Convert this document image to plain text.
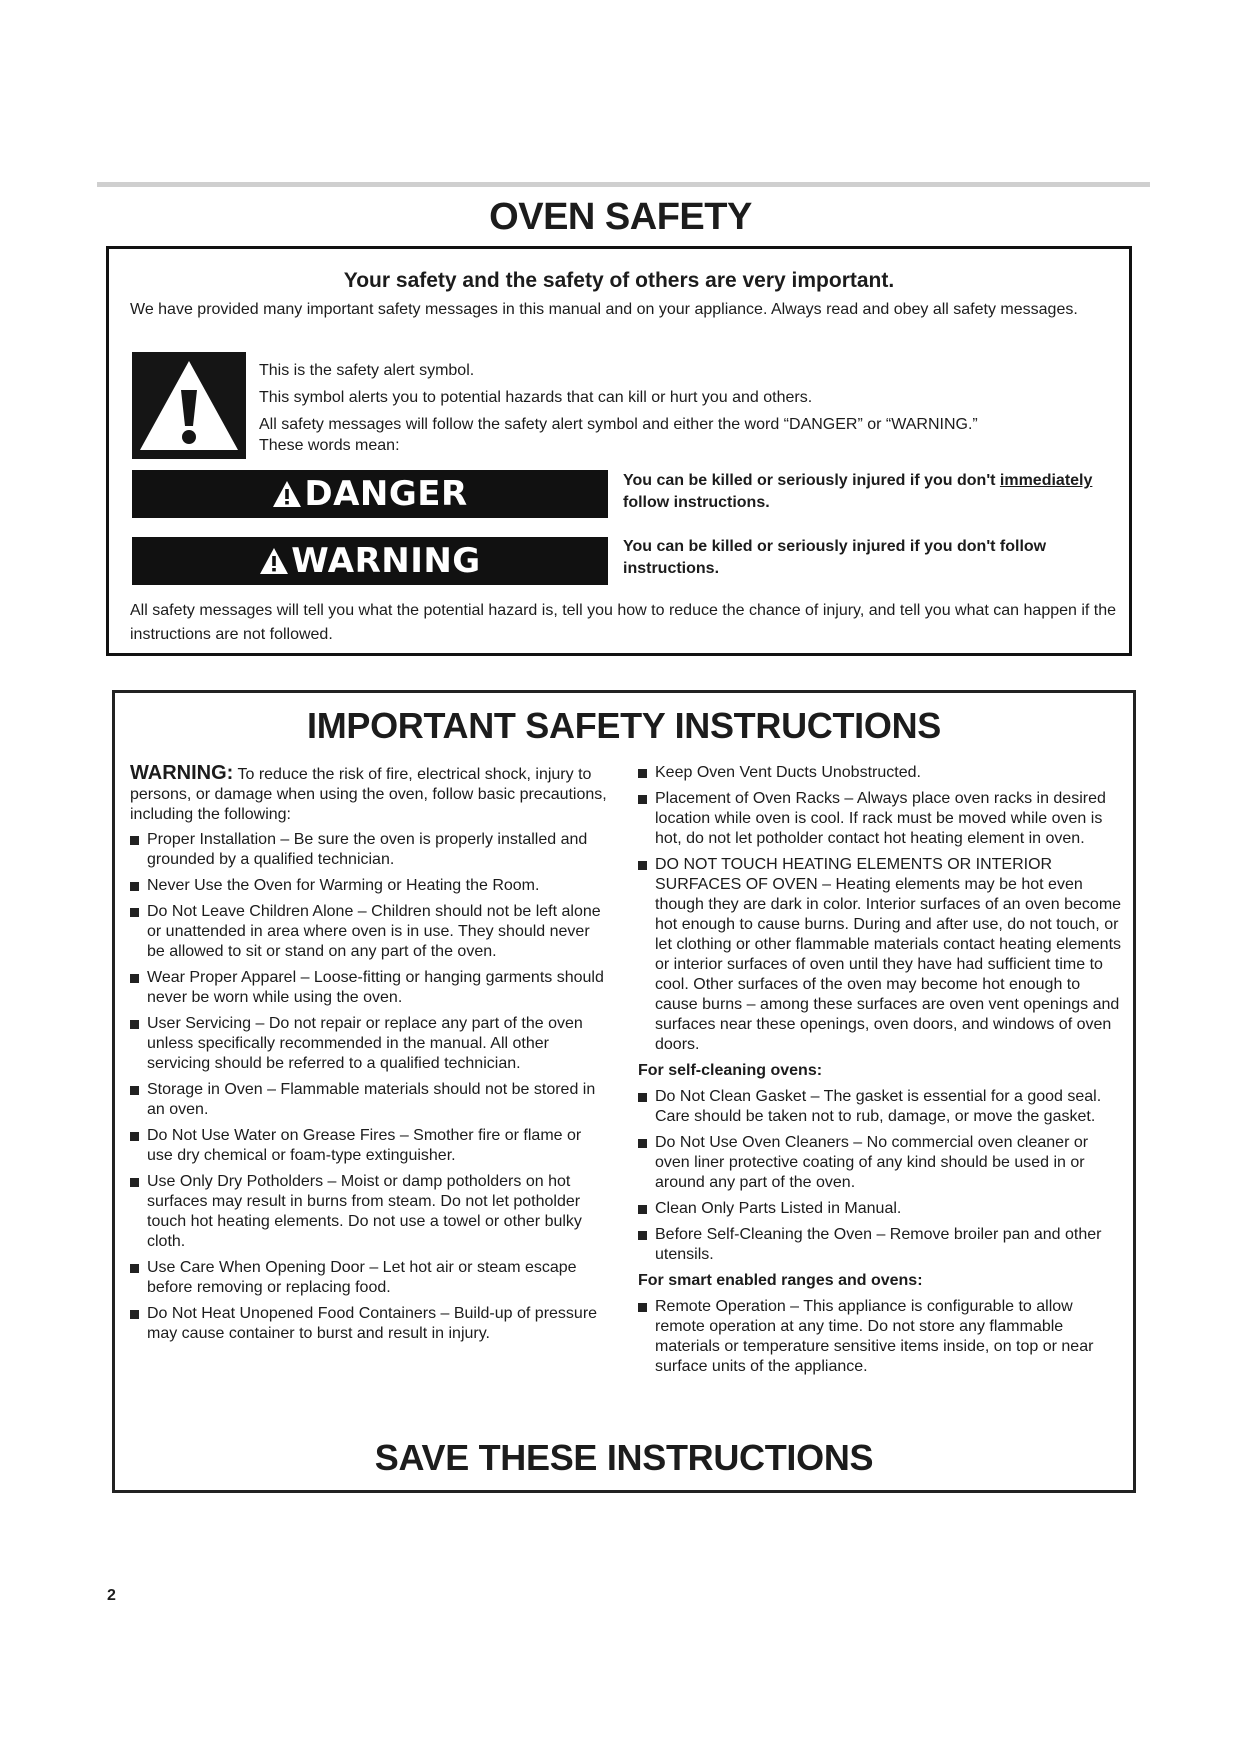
OVEN SAFETY
Your safety and the safety of others are very important.
We have provided many important safety messages in this manual and on your appliance. Always read and obey all safety messages.
This is the safety alert symbol.
This symbol alerts you to potential hazards that can kill or hurt you and others.
All safety messages will follow the safety alert symbol and either the word “DANGER” or “WARNING.”
These words mean:
DANGER	You can be killed or seriously injured if you don't immediately follow instructions.
WARNING	You can be killed or seriously injured if you don't follow instructions.
All safety messages will tell you what the potential hazard is, tell you how to reduce the chance of injury, and tell you what can happen if the instructions are not followed.
IMPORTANT SAFETY INSTRUCTIONS
WARNING: To reduce the risk of fire, electrical shock, injury to persons, or damage when using the oven, follow basic precautions, including the following:
Proper Installation – Be sure the oven is properly installed and grounded by a qualified technician.
Never Use the Oven for Warming or Heating the Room.
Do Not Leave Children Alone – Children should not be left alone or unattended in area where oven is in use. They should never be allowed to sit or stand on any part of the oven.
Wear Proper Apparel – Loose-fitting or hanging garments should never be worn while using the oven.
User Servicing – Do not repair or replace any part of the oven unless specifically recommended in the manual. All other servicing should be referred to a qualified technician.
Storage in Oven – Flammable materials should not be stored in an oven.
Do Not Use Water on Grease Fires – Smother fire or flame or use dry chemical or foam-type extinguisher.
Use Only Dry Potholders – Moist or damp potholders on hot surfaces may result in burns from steam. Do not let potholder touch hot heating elements. Do not use a towel or other bulky cloth.
Use Care When Opening Door – Let hot air or steam escape before removing or replacing food.
Do Not Heat Unopened Food Containers – Build-up of pressure may cause container to burst and result in injury.
Keep Oven Vent Ducts Unobstructed.
Placement of Oven Racks – Always place oven racks in desired location while oven is cool. If rack must be moved while oven is hot, do not let potholder contact hot heating element in oven.
DO NOT TOUCH HEATING ELEMENTS OR INTERIOR SURFACES OF OVEN – Heating elements may be hot even though they are dark in color. Interior surfaces of an oven become hot enough to cause burns. During and after use, do not touch, or let clothing or other flammable materials contact heating elements or interior surfaces of oven until they have had sufficient time to cool. Other surfaces of the oven may become hot enough to cause burns – among these surfaces are oven vent openings and surfaces near these openings, oven doors, and windows of oven doors.
For self-cleaning ovens:
Do Not Clean Gasket – The gasket is essential for a good seal. Care should be taken not to rub, damage, or move the gasket.
Do Not Use Oven Cleaners – No commercial oven cleaner or oven liner protective coating of any kind should be used in or around any part of the oven.
Clean Only Parts Listed in Manual.
Before Self-Cleaning the Oven – Remove broiler pan and other utensils.
For smart enabled ranges and ovens:
Remote Operation – This appliance is configurable to allow remote operation at any time. Do not store any flammable materials or temperature sensitive items inside, on top or near surface units of the appliance.
SAVE THESE INSTRUCTIONS
2
